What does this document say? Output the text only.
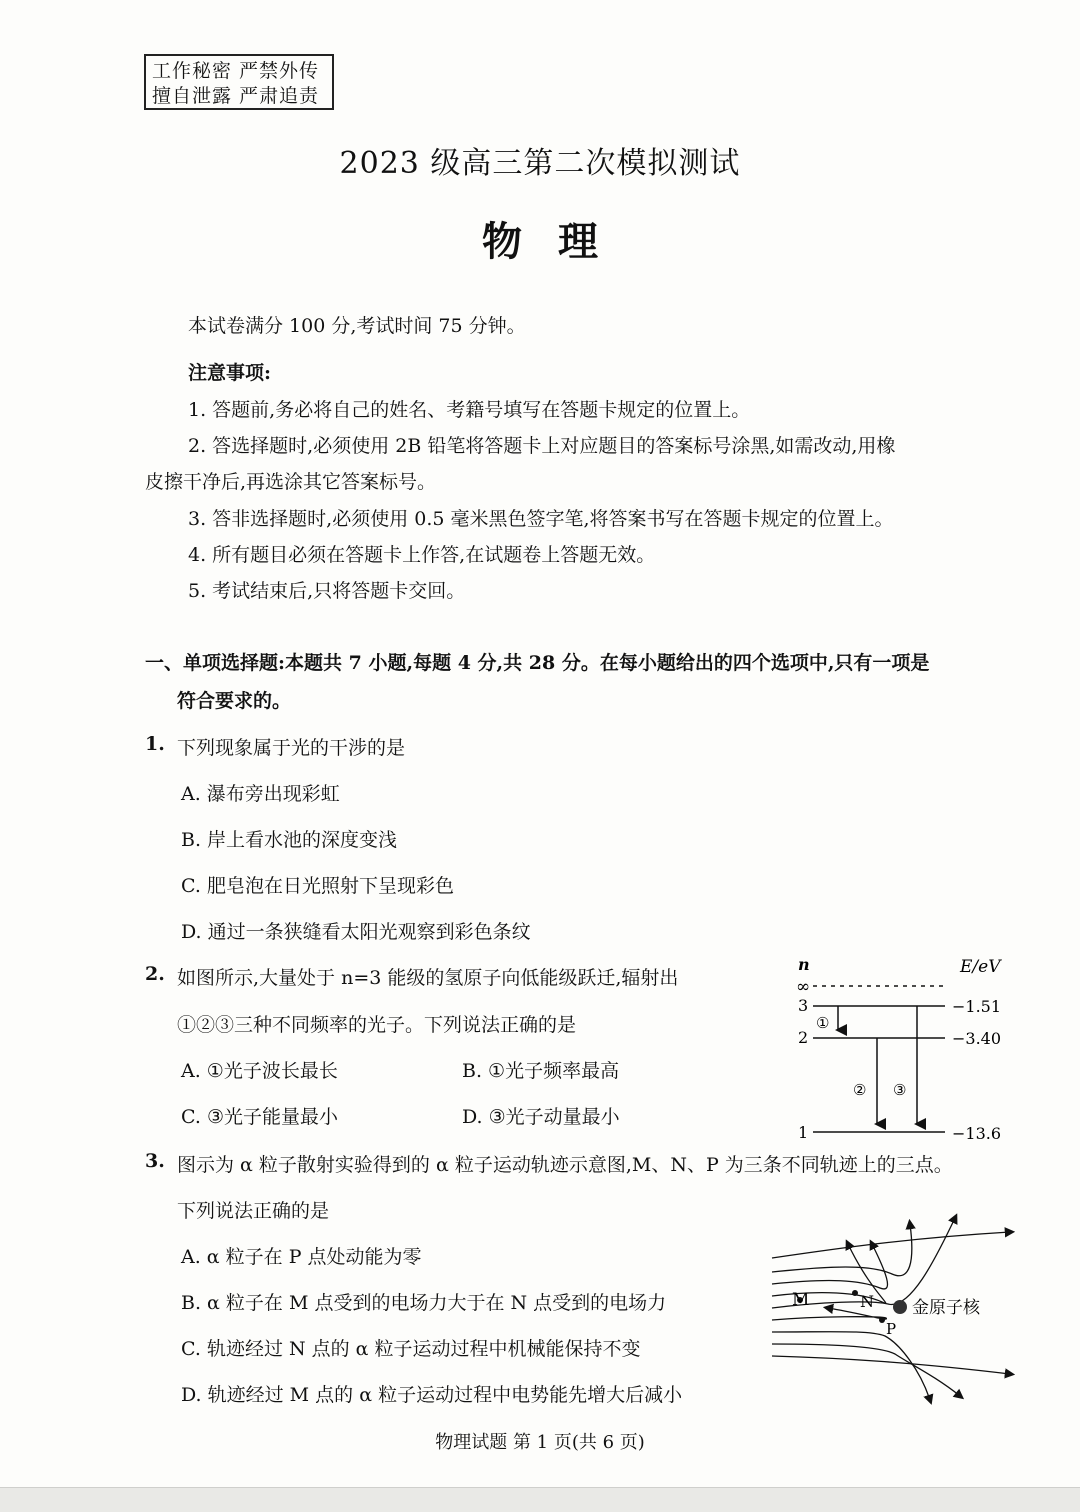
工作秘密 严禁外传
擅自泄露 严肃追责
2023 级高三第二次模拟测试
物理
本试卷满分 100 分,考试时间 75 分钟。
注意事项:
1. 答题前,务必将自己的姓名、考籍号填写在答题卡规定的位置上。
2. 答选择题时,必须使用 2B 铅笔将答题卡上对应题目的答案标号涂黑,如需改动,用橡
皮擦干净后,再选涂其它答案标号。
3. 答非选择题时,必须使用 0.5 毫米黑色签字笔,将答案书写在答题卡规定的位置上。
4. 所有题目必须在答题卡上作答,在试题卷上答题无效。
5. 考试结束后,只将答题卡交回。
一、单项选择题:本题共 7 小题,每题 4 分,共 28 分。在每小题给出的四个选项中,只有一项是
符合要求的。
1. 下列现象属于光的干涉的是
A. 瀑布旁出现彩虹
B. 岸上看水池的深度变浅
C. 肥皂泡在日光照射下呈现彩色
D. 通过一条狭缝看太阳光观察到彩色条纹
2. 如图所示,大量处于 n=3 能级的氢原子向低能级跃迁,辐射出
①②③三种不同频率的光子。下列说法正确的是
A. ①光子波长最长	B. ①光子频率最高
C. ③光子能量最小	D. ③光子动量最小
n	E/eV
∞
3	−1.51
2	−3.40
1	−13.6
①
② ③
3. 图示为 α 粒子散射实验得到的 α 粒子运动轨迹示意图,M、N、P 为三条不同轨迹上的三点。
下列说法正确的是
A. α 粒子在 P 点处动能为零
B. α 粒子在 M 点受到的电场力大于在 N 点受到的电场力
C. 轨迹经过 N 点的 α 粒子运动过程中机械能保持不变
D. 轨迹经过 M 点的 α 粒子运动过程中电势能先增大后减小
M	N
P
金原子核
物理试题 第 1 页(共 6 页)
